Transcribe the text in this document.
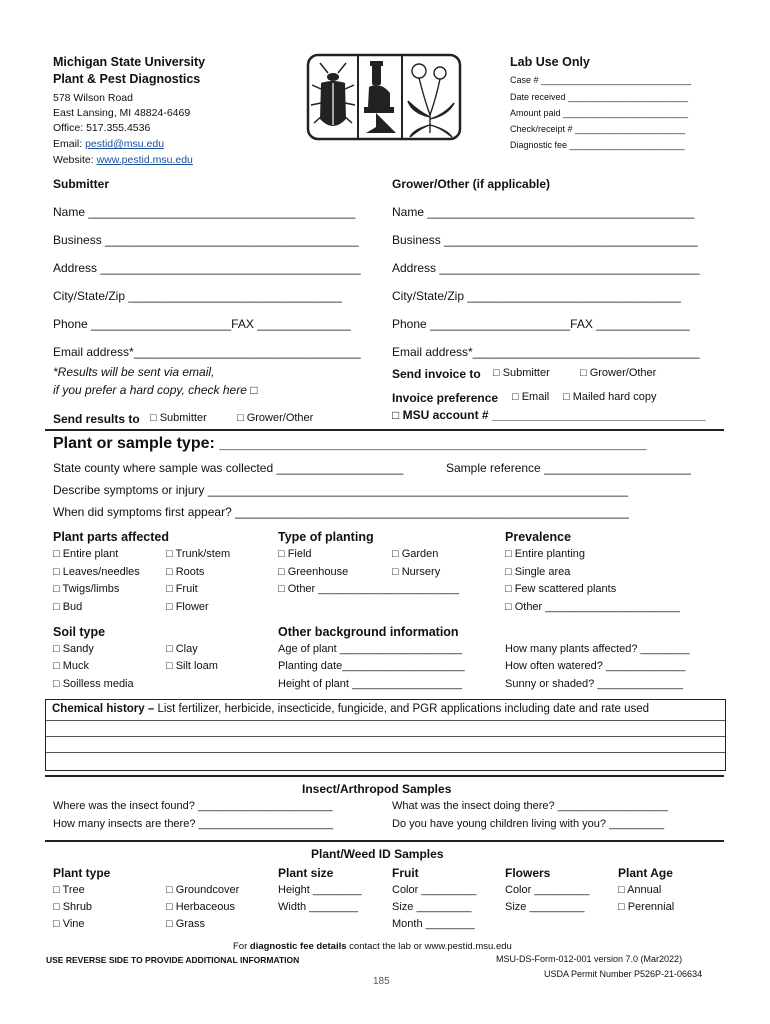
Michigan State University
Plant & Pest Diagnostics
578 Wilson Road
East Lansing, MI 48824-6469
Office: 517.355.4536
Email: pestid@msu.edu
Website: www.pestid.msu.edu
Lab Use Only
Case # ______________________________
Date received ________________________
Amount paid _________________________
Check/receipt # ______________________
Diagnostic fee _______________________
Submitter	Grower/Other (if applicable)
Name ________________________________________
Business ______________________________________
Address _______________________________________
City/State/Zip ________________________________
Phone _____________________FAX ______________
Email address*__________________________________
*Results will be sent via email,
if you prefer a hard copy, check here □
Send results to □ Submitter	□ Grower/Other
Name ________________________________________
Business ______________________________________
Address _______________________________________
City/State/Zip ________________________________
Phone _____________________FAX ______________
Email address*__________________________________
Send invoice to □ Submitter	□ Grower/Other
Invoice preference □ Email □ Mailed hard copy
□ MSU account # ________________________________
Plant or sample type: ________________________________________________
State county where sample was collected ___________________	Sample reference ______________________
Describe symptoms or injury _______________________________________________________________
When did symptoms first appear? ___________________________________________________________
Plant parts affected
□ Entire plant
□ Leaves/needles
□ Twigs/limbs
□ Bud
□ Trunk/stem
□ Roots
□ Fruit
□ Flower
Type of planting
□ Field
□ Greenhouse
□ Other _______________________
□ Garden
□ Nursery
Prevalence
□ Entire planting
□ Single area
□ Few scattered plants
□ Other ______________________
Soil type
□ Sandy
□ Muck
□ Soilless media
□ Clay
□ Silt loam
Other background information
Age of plant ____________________
Planting date____________________
Height of plant __________________
How many plants affected? ________
How often watered? _____________
Sunny or shaded? ______________
Chemical history – List fertilizer, herbicide, insecticide, fungicide, and PGR applications including date and rate used
Insect/Arthropod Samples
Where was the insect found? ______________________
How many insects are there? ______________________
What was the insect doing there? __________________
Do you have young children living with you? _________
Plant/Weed ID Samples
Plant type
□ Tree
□ Shrub
□ Vine
□ Groundcover
□ Herbaceous
□ Grass
Plant size
Height ________
Width ________
Fruit
Color _________
Size _________
Month ________
Flowers
Color _________
Size _________
Plant Age
□ Annual
□ Perennial
For diagnostic fee details contact the lab or www.pestid.msu.edu
USE REVERSE SIDE TO PROVIDE ADDITIONAL INFORMATION	MSU-DS-Form-012-001 version 7.0 (Mar2022)
USDA Permit Number P526P-21-06634
185
